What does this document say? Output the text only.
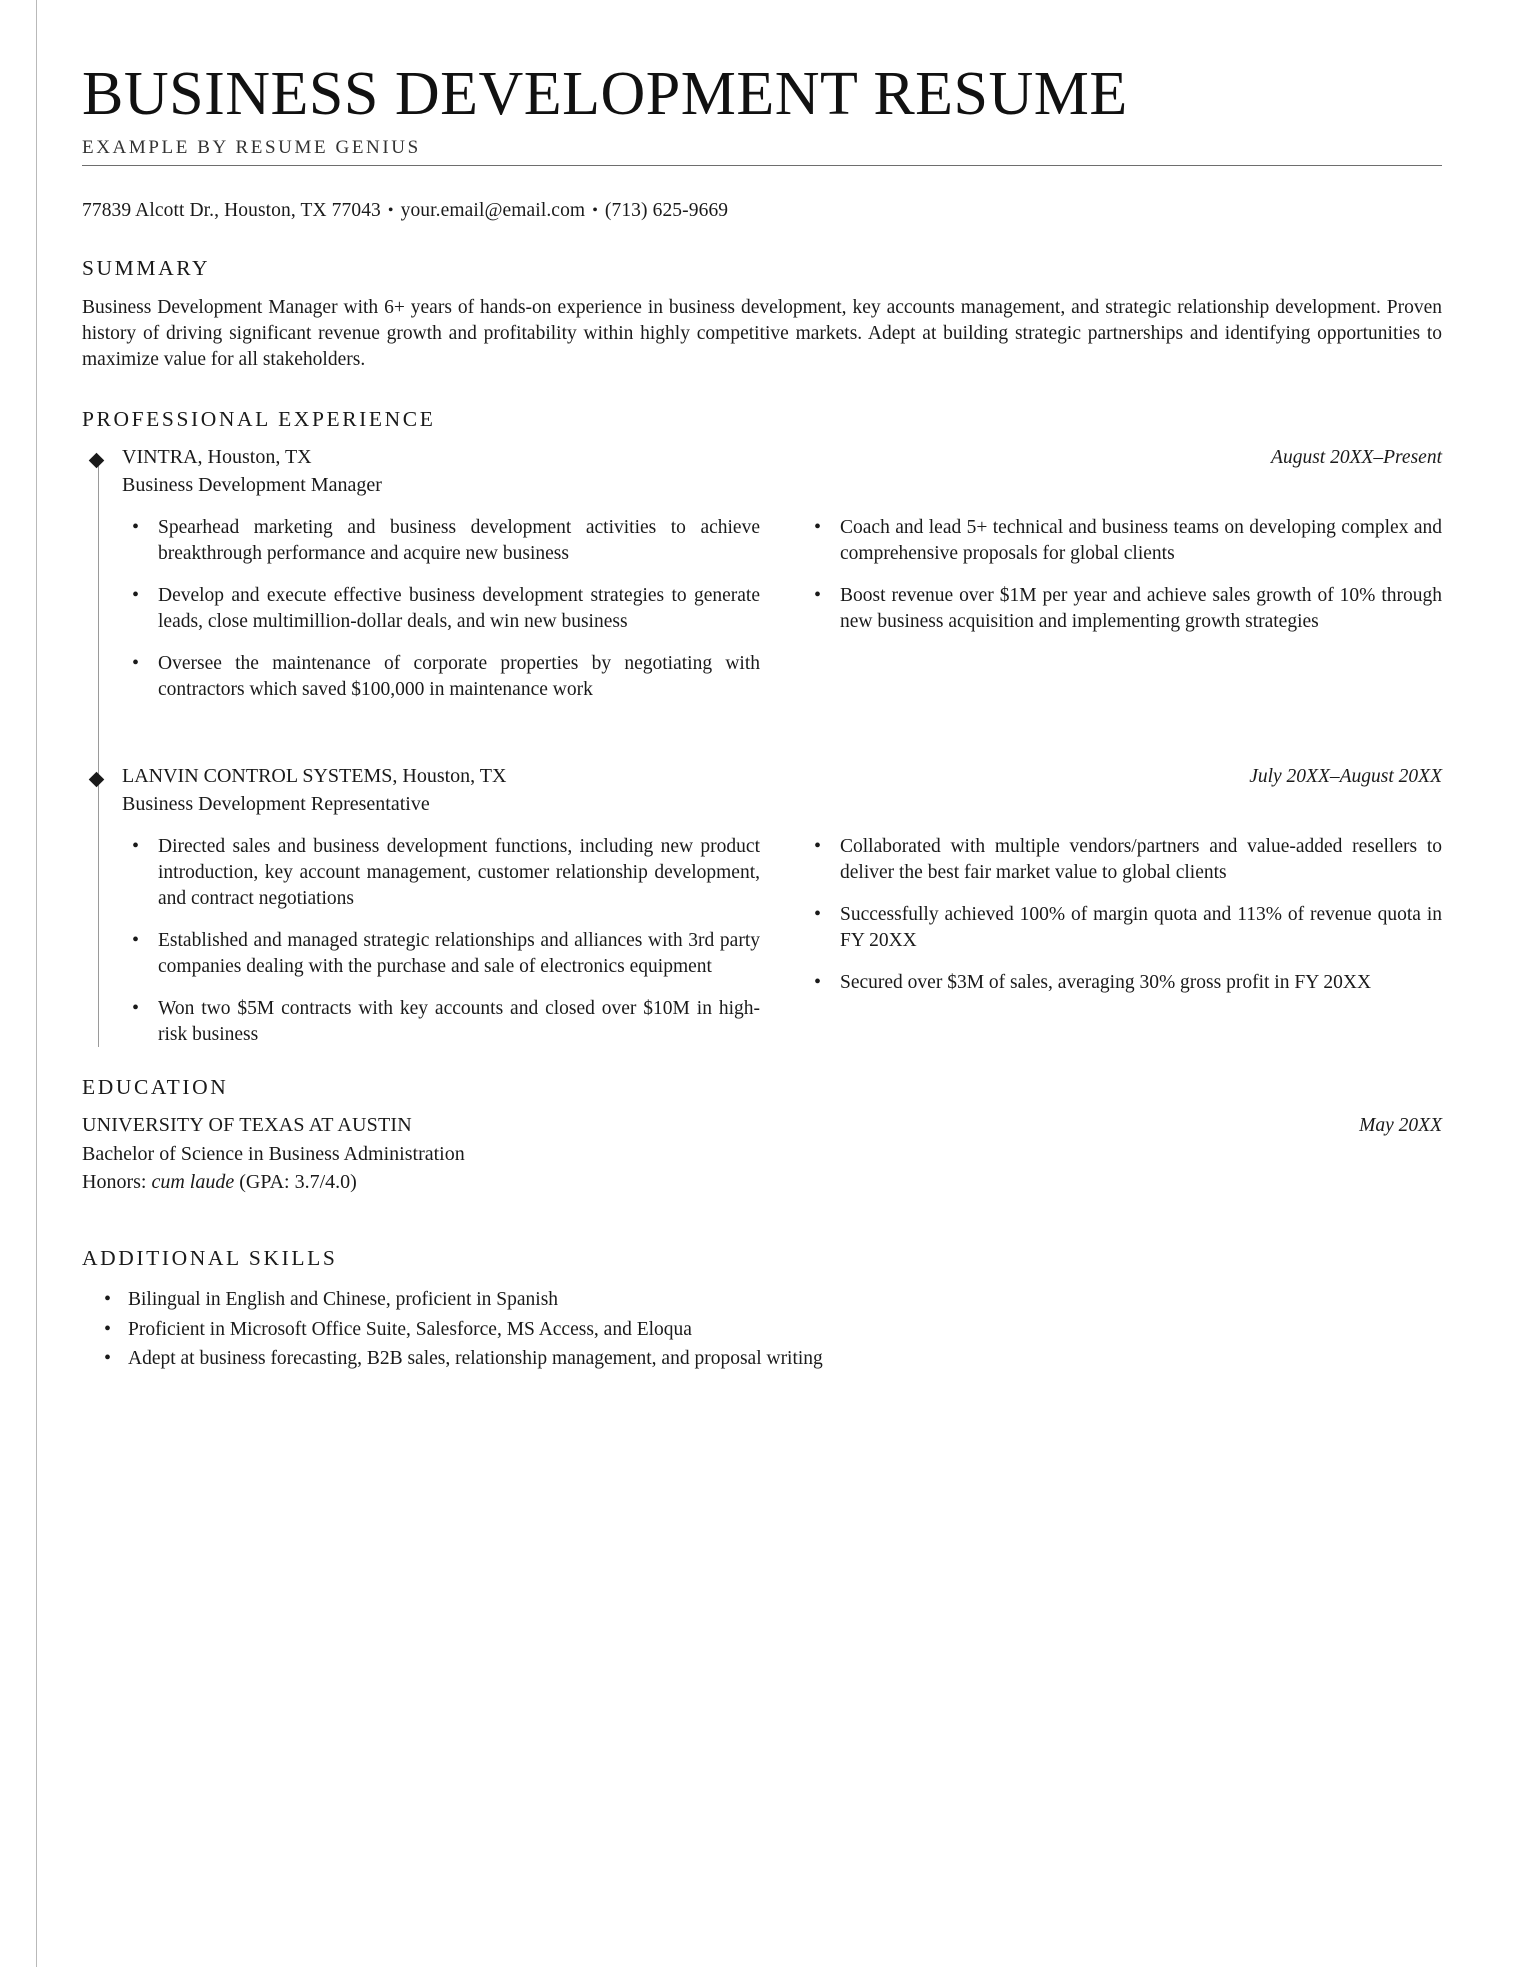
BUSINESS DEVELOPMENT RESUME
EXAMPLE BY RESUME GENIUS
77839 Alcott Dr., Houston, TX 77043 • your.email@email.com • (713) 625-9669
SUMMARY

Business Development Manager with 6+ years of hands-on experience in business development, key accounts management, and strategic relationship development. Proven history of driving significant revenue growth and profitability within highly competitive markets. Adept at building strategic partnerships and identifying opportunities to maximize value for all stakeholders.

PROFESSIONAL EXPERIENCE
VINTRA, Houston, TX	August 20XX–Present
Business Development Manager
• Spearhead marketing and business development activities to achieve breakthrough performance and acquire new business
• Develop and execute effective business development strategies to generate leads, close multimillion-dollar deals, and win new business
• Oversee the maintenance of corporate properties by negotiating with contractors which saved $100,000 in maintenance work
• Coach and lead 5+ technical and business teams on developing complex and comprehensive proposals for global clients
• Boost revenue over $1M per year and achieve sales growth of 10% through new business acquisition and implementing growth strategies
LANVIN CONTROL SYSTEMS, Houston, TX	July 20XX–August 20XX
Business Development Representative
• Directed sales and business development functions, including new product introduction, key account management, customer relationship development, and contract negotiations
• Established and managed strategic relationships and alliances with 3rd party companies dealing with the purchase and sale of electronics equipment
• Won two $5M contracts with key accounts and closed over $10M in high-risk business
• Collaborated with multiple vendors/partners and value-added resellers to deliver the best fair market value to global clients
• Successfully achieved 100% of margin quota and 113% of revenue quota in FY 20XX
• Secured over $3M of sales, averaging 30% gross profit in FY 20XX
EDUCATION
UNIVERSITY OF TEXAS AT AUSTIN	May 20XX
Bachelor of Science in Business Administration
Honors: cum laude (GPA: 3.7/4.0)
ADDITIONAL SKILLS
• Bilingual in English and Chinese, proficient in Spanish
• Proficient in Microsoft Office Suite, Salesforce, MS Access, and Eloqua
• Adept at business forecasting, B2B sales, relationship management, and proposal writing
